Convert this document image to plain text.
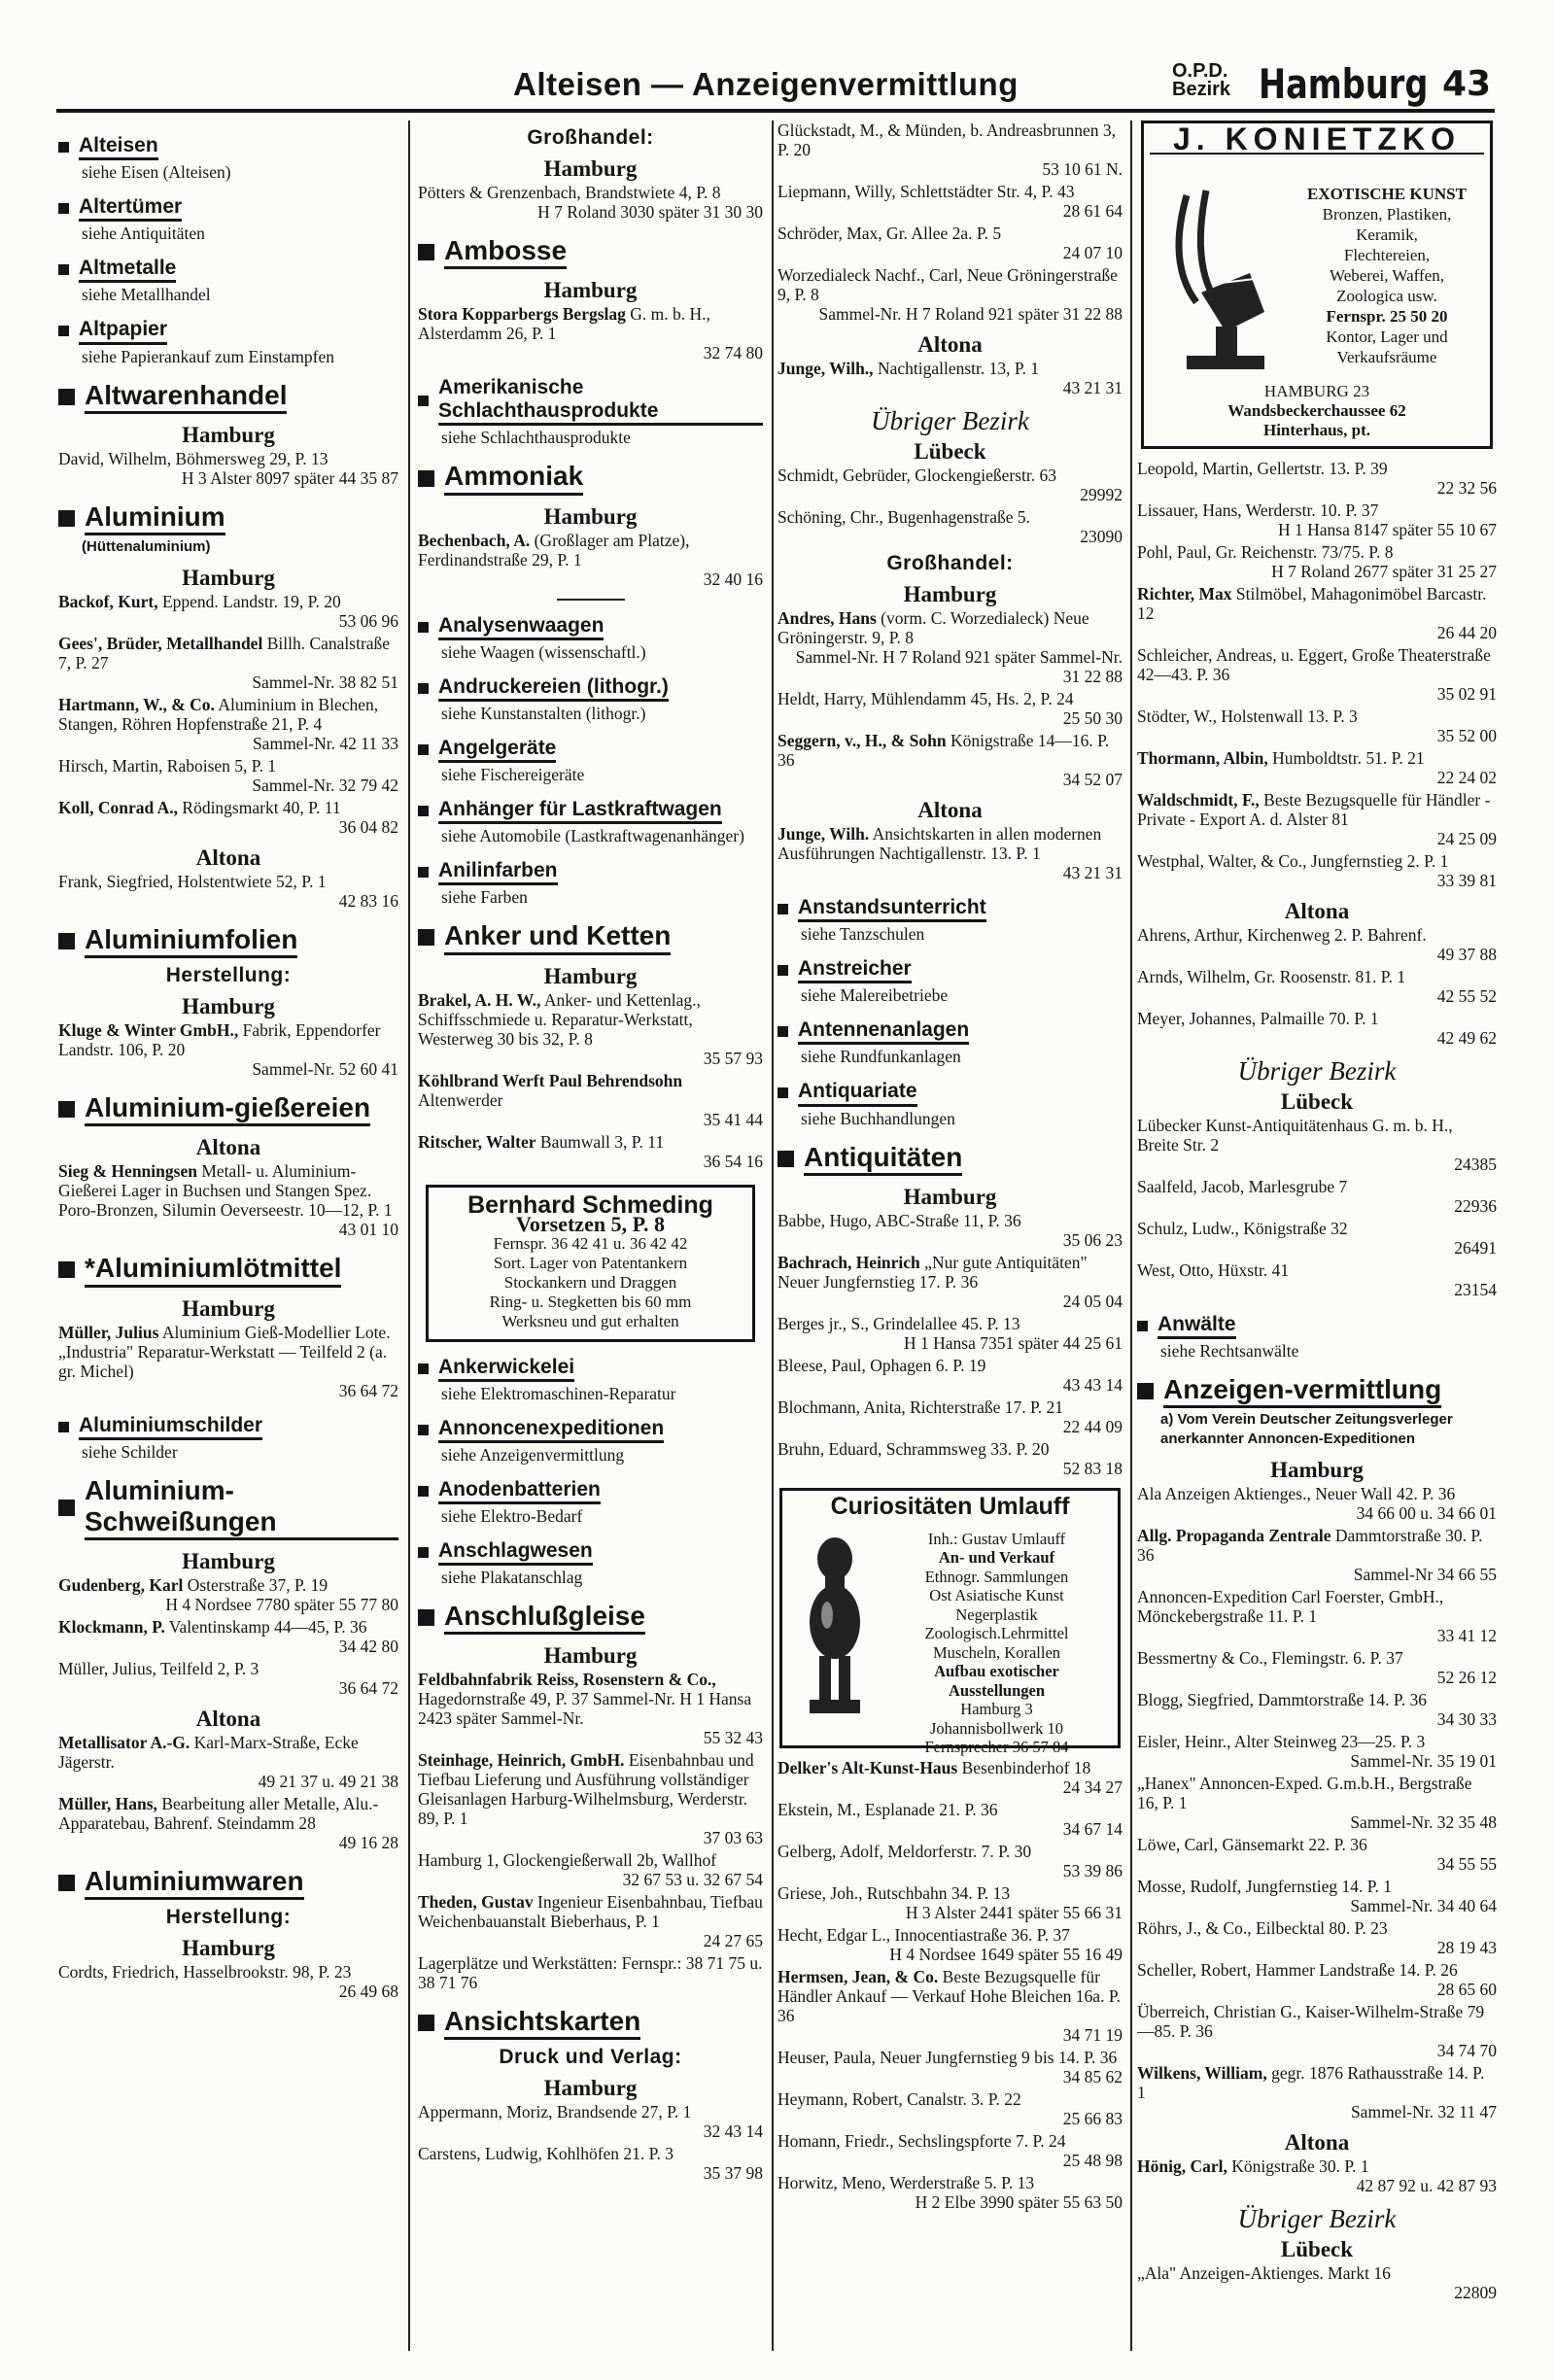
Alteisen — Anzeigenvermittlung	O.P.D.
Bezirk Hamburg 43
Alteisen
siehe Eisen (Alteisen)
Altertümer
siehe Antiquitäten
Altmetalle
siehe Metallhandel
Altpapier
siehe Papierankauf zum Einstampfen
Altwarenhandel
Hamburg
David, Wilhelm, Böhmersweg 29, P. 13
H 3 Alster 8097 später 44 35 87
Aluminium
(Hüttenaluminium)
Hamburg
Backof, Kurt, Eppend. Landstr. 19, P. 20
53 06 96
Gees', Brüder, Metallhandel Billh. Canalstraße 7, P. 27
Sammel-Nr. 38 82 51
Hartmann, W., & Co. Aluminium in Blechen, Stangen, Röhren Hopfenstraße 21, P. 4
Sammel-Nr. 42 11 33
Hirsch, Martin, Raboisen 5, P. 1
Sammel-Nr. 32 79 42
Koll, Conrad A., Rödingsmarkt 40, P. 11
36 04 82
Altona
Frank, Siegfried, Holstentwiete 52, P. 1
42 83 16
Aluminiumfolien
Herstellung:
Hamburg
Kluge & Winter GmbH., Fabrik, Eppendorfer Landstr. 106, P. 20
Sammel-Nr. 52 60 41
Aluminium-gießereien
Altona
Sieg & Henningsen Metall- u. Aluminium-Gießerei Lager in Buchsen und Stangen Spez. Poro-Bronzen, Silumin Oeverseestr. 10—12, P. 1
43 01 10
*Aluminiumlötmittel
Hamburg
Müller, Julius Aluminium Gieß-Modellier Lote. „Industria" Reparatur-Werkstatt — Teilfeld 2 (a. gr. Michel)
36 64 72
Aluminiumschilder
siehe Schilder
Aluminium-Schweißungen
Hamburg
Gudenberg, Karl Osterstraße 37, P. 19
H 4 Nordsee 7780 später 55 77 80
Klockmann, P. Valentinskamp 44—45, P. 36
34 42 80
Müller, Julius, Teilfeld 2, P. 3
36 64 72
Altona
Metallisator A.-G. Karl-Marx-Straße, Ecke Jägerstr.
49 21 37 u. 49 21 38
Müller, Hans, Bearbeitung aller Metalle, Alu.-Apparatebau, Bahrenf. Steindamm 28
49 16 28
Aluminiumwaren
Herstellung:
Hamburg
Cordts, Friedrich, Hasselbrookstr. 98, P. 23
26 49 68
Großhandel:
Hamburg
Pötters & Grenzenbach, Brandstwiete 4, P. 8
H 7 Roland 3030 später 31 30 30
Ambosse
Hamburg
Stora Kopparbergs Bergslag G. m. b. H., Alsterdamm 26, P. 1
32 74 80
Amerikanische Schlachthausprodukte
siehe Schlachthausprodukte
Ammoniak
Hamburg
Bechenbach, A. (Großlager am Platze), Ferdinandstraße 29, P. 1
32 40 16
Analysenwaagen
siehe Waagen (wissenschaftl.)
Andruckereien (lithogr.)
siehe Kunstanstalten (lithogr.)
Angelgeräte
siehe Fischereigeräte
Anhänger für Lastkraftwagen
siehe Automobile (Lastkraftwagenanhänger)
Anilinfarben
siehe Farben
Anker und Ketten
Hamburg
Brakel, A. H. W., Anker- und Kettenlag., Schiffsschmiede u. Reparatur-Werkstatt, Westerweg 30 bis 32, P. 8
35 57 93
Köhlbrand Werft Paul Behrendsohn Altenwerder
35 41 44
Ritscher, Walter Baumwall 3, P. 11
36 54 16
Bernhard Schmeding
Vorsetzen 5, P. 8
Fernspr. 36 42 41 u. 36 42 42
Sort. Lager von Patentankern
Stockankern und Draggen
Ring- u. Stegketten bis 60 mm
Werksneu und gut erhalten
Ankerwickelei
siehe Elektromaschinen-Reparatur
Annoncenexpeditionen
siehe Anzeigenvermittlung
Anodenbatterien
siehe Elektro-Bedarf
Anschlagwesen
siehe Plakatanschlag
Anschlußgleise
Hamburg
Feldbahnfabrik Reiss, Rosenstern & Co., Hagedornstraße 49, P. 37 Sammel-Nr. H 1 Hansa 2423 später Sammel-Nr.
55 32 43
Steinhage, Heinrich, GmbH. Eisenbahnbau und Tiefbau Lieferung und Ausführung vollständiger Gleisanlagen Harburg-Wilhelmsburg, Werderstr. 89, P. 1
37 03 63
Hamburg 1, Glockengießerwall 2b, Wallhof
32 67 53 u. 32 67 54
Theden, Gustav Ingenieur Eisenbahnbau, Tiefbau Weichenbauanstalt Bieberhaus, P. 1
24 27 65
Lagerplätze und Werkstätten: Fernspr.: 38 71 75 u. 38 71 76
Ansichtskarten
Druck und Verlag:
Hamburg
Appermann, Moriz, Brandsende 27, P. 1
32 43 14
Carstens, Ludwig, Kohlhöfen 21. P. 3
35 37 98
Glückstadt, M., & Münden, b. Andreasbrunnen 3, P. 20
53 10 61 N.
Liepmann, Willy, Schlettstädter Str. 4, P. 43
28 61 64
Schröder, Max, Gr. Allee 2a. P. 5
24 07 10
Worzedialeck Nachf., Carl, Neue Gröningerstraße 9, P. 8
Sammel-Nr. H 7 Roland 921 später 31 22 88
Altona
Junge, Wilh., Nachtigallenstr. 13, P. 1
43 21 31
Übriger Bezirk
Lübeck
Schmidt, Gebrüder, Glockengießerstr. 63
29992
Schöning, Chr., Bugenhagenstraße 5.
23090
Großhandel:
Hamburg
Andres, Hans (vorm. C. Worzedialeck) Neue Gröningerstr. 9, P. 8
Sammel-Nr. H 7 Roland 921 später Sammel-Nr. 31 22 88
Heldt, Harry, Mühlendamm 45, Hs. 2, P. 24
25 50 30
Seggern, v., H., & Sohn Königstraße 14—16. P. 36
34 52 07
Altona
Junge, Wilh. Ansichtskarten in allen modernen Ausführungen Nachtigallenstr. 13. P. 1
43 21 31
Anstandsunterricht
siehe Tanzschulen
Anstreicher
siehe Malereibetriebe
Antennenanlagen
siehe Rundfunkanlagen
Antiquariate
siehe Buchhandlungen
Antiquitäten
Hamburg
Babbe, Hugo, ABC-Straße 11, P. 36
35 06 23
Bachrach, Heinrich „Nur gute Antiquitäten" Neuer Jungfernstieg 17. P. 36
24 05 04
Berges jr., S., Grindelallee 45. P. 13
H 1 Hansa 7351 später 44 25 61
Bleese, Paul, Ophagen 6. P. 19
43 43 14
Blochmann, Anita, Richterstraße 17. P. 21
22 44 09
Bruhn, Eduard, Schrammsweg 33. P. 20
52 83 18
Curiositäten Umlauff
Inh.: Gustav Umlauff
An- und Verkauf
Ethnogr. Sammlungen
Ost Asiatische Kunst
Negerplastik
Zoologisch.Lehrmittel
Muscheln, Korallen
Aufbau exotischer
Ausstellungen
Hamburg 3
Johannisbollwerk 10
Fernsprecher 36 57 84
Delker's Alt-Kunst-Haus Besenbinderhof 18
24 34 27
Ekstein, M., Esplanade 21. P. 36
34 67 14
Gelberg, Adolf, Meldorferstr. 7. P. 30
53 39 86
Griese, Joh., Rutschbahn 34. P. 13
H 3 Alster 2441 später 55 66 31
Hecht, Edgar L., Innocentiastraße 36. P. 37
H 4 Nordsee 1649 später 55 16 49
Hermsen, Jean, & Co. Beste Bezugsquelle für Händler Ankauf — Verkauf Hohe Bleichen 16a. P. 36
34 71 19
Heuser, Paula, Neuer Jungfernstieg 9 bis 14. P. 36
34 85 62
Heymann, Robert, Canalstr. 3. P. 22
25 66 83
Homann, Friedr., Sechslingspforte 7. P. 24
25 48 98
Horwitz, Meno, Werderstraße 5. P. 13
H 2 Elbe 3990 später 55 63 50
J. KONIETZKO
EXOTISCHE KUNST
Bronzen, Plastiken,
Keramik,
Flechtereien,
Weberei, Waffen,
Zoologica usw.
Fernspr. 25 50 20
Kontor, Lager und
Verkaufsräume
HAMBURG 23
Wandsbeckerchaussee 62
Hinterhaus, pt.
Leopold, Martin, Gellertstr. 13. P. 39
22 32 56
Lissauer, Hans, Werderstr. 10. P. 37
H 1 Hansa 8147 später 55 10 67
Pohl, Paul, Gr. Reichenstr. 73/75. P. 8
H 7 Roland 2677 später 31 25 27
Richter, Max Stilmöbel, Mahagonimöbel Barcastr. 12
26 44 20
Schleicher, Andreas, u. Eggert, Große Theaterstraße 42—43. P. 36
35 02 91
Stödter, W., Holstenwall 13. P. 3
35 52 00
Thormann, Albin, Humboldtstr. 51. P. 21
22 24 02
Waldschmidt, F., Beste Bezugsquelle für Händler - Private - Export A. d. Alster 81
24 25 09
Westphal, Walter, & Co., Jungfernstieg 2. P. 1
33 39 81
Altona
Ahrens, Arthur, Kirchenweg 2. P. Bahrenf.
49 37 88
Arnds, Wilhelm, Gr. Roosenstr. 81. P. 1
42 55 52
Meyer, Johannes, Palmaille 70. P. 1
42 49 62
Übriger Bezirk
Lübeck
Lübecker Kunst-Antiquitätenhaus G. m. b. H., Breite Str. 2
24385
Saalfeld, Jacob, Marlesgrube 7
22936
Schulz, Ludw., Königstraße 32
26491
West, Otto, Hüxstr. 41
23154
Anwälte
siehe Rechtsanwälte
Anzeigen-vermittlung
a) Vom Verein Deutscher Zeitungsverleger anerkannter Annoncen-Expeditionen
Hamburg
Ala Anzeigen Aktienges., Neuer Wall 42. P. 36
34 66 00 u. 34 66 01
Allg. Propaganda Zentrale Dammtorstraße 30. P. 36
Sammel-Nr 34 66 55
Annoncen-Expedition Carl Foerster, GmbH., Mönckebergstraße 11. P. 1
33 41 12
Bessmertny & Co., Flemingstr. 6. P. 37
52 26 12
Blogg, Siegfried, Dammtorstraße 14. P. 36
34 30 33
Eisler, Heinr., Alter Steinweg 23—25. P. 3
Sammel-Nr. 35 19 01
„Hanex" Annoncen-Exped. G.m.b.H., Bergstraße 16, P. 1
Sammel-Nr. 32 35 48
Löwe, Carl, Gänsemarkt 22. P. 36
34 55 55
Mosse, Rudolf, Jungfernstieg 14. P. 1
Sammel-Nr. 34 40 64
Röhrs, J., & Co., Eilbecktal 80. P. 23
28 19 43
Scheller, Robert, Hammer Landstraße 14. P. 26
28 65 60
Überreich, Christian G., Kaiser-Wilhelm-Straße 79—85. P. 36
34 74 70
Wilkens, William, gegr. 1876 Rathausstraße 14. P. 1
Sammel-Nr. 32 11 47
Altona
Hönig, Carl, Königstraße 30. P. 1
42 87 92 u. 42 87 93
Übriger Bezirk
Lübeck
„Ala" Anzeigen-Aktienges. Markt 16
22809
